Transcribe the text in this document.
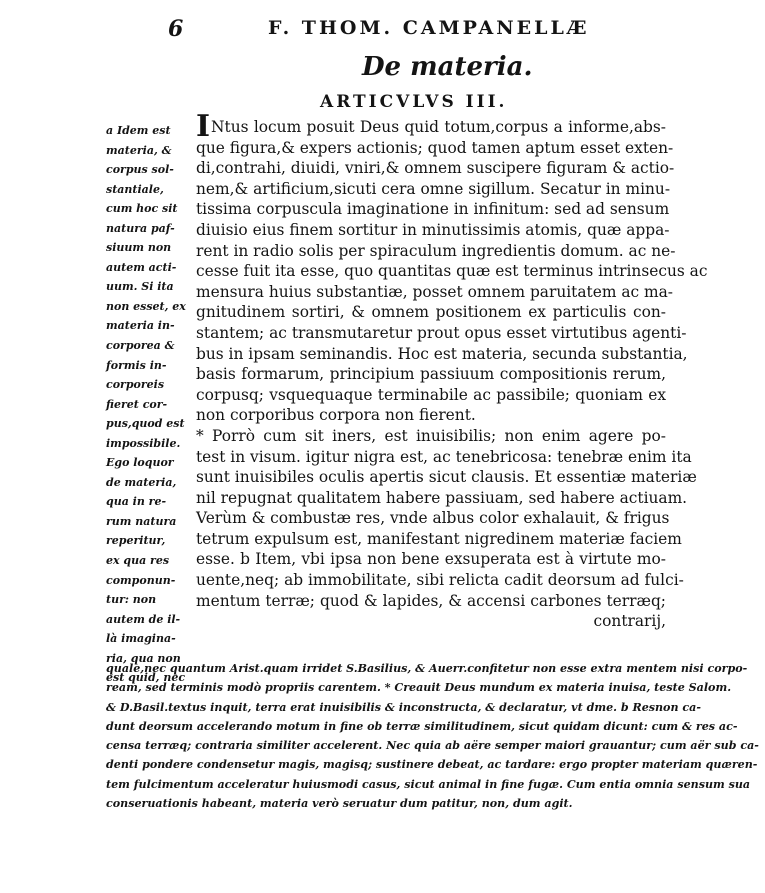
6	F. THOM. CAMPANELLÆ
De materia.
ARTICVLVS III.
a Idem est
materia, &
corpus sol-
stantiale,
cum hoc sit
natura paf-
siuum non
autem acti-
uum. Si ita
non esset, ex
materia in-
corporea &
formis in-
corporeis
fieret cor-
pus,quod est
impossibile.
Ego loquor
de materia,
qua in re-
rum natura
reperitur,
ex qua res
componun-
tur: non
autem de il-
là imagina-
ria, qua non
est quid, nec
INtus locum posuit Deus quid totum,corpus a informe,abs-
que figura,& expers actionis; quod tamen aptum esset exten-
di,contrahi, diuidi, vniri,& omnem suscipere figuram & actio-
nem,& artificium,sicuti cera omne sigillum. Secatur in minu-
tissima corpuscula imaginatione in infinitum: sed ad sensum
diuisio eius finem sortitur in minutissimis atomis, quæ appa-
rent in radio solis per spiraculum ingredientis domum. ac ne-
cesse fuit ita esse, quo quantitas quæ est terminus intrinsecus ac
mensura huius substantiæ, posset omnem paruitatem ac ma-
gnitudinem sortiri, & omnem positionem ex particulis con-
stantem; ac transmutaretur prout opus esset virtutibus agenti-
bus in ipsam seminandis. Hoc est materia, secunda substantia,
basis formarum, principium passiuum compositionis rerum,
corpusq; vsquequaque terminabile ac passibile; quoniam ex
non corporibus corpora non fierent.
* Porrò cum sit iners, est inuisibilis; non enim agere po-
test in visum. igitur nigra est, ac tenebricosa: tenebræ enim ita
sunt inuisibiles oculis apertis sicut clausis. Et essentiæ materiæ
nil repugnat qualitatem habere passiuam, sed habere actiuam.
Verùm & combustæ res, vnde albus color exhalauit, & frigus
tetrum expulsum est, manifestant nigredinem materiæ faciem
esse. b Item, vbi ipsa non bene exsuperata est à virtute mo-
uente,neq; ab immobilitate, sibi relicta cadit deorsum ad fulci-
mentum terræ; quod & lapides, & accensi carbones terræq;
contrarij,
quale,nec quantum Arist.quam irridet S.Basilius, & Auerr.confitetur non esse extra mentem nisi corpo-
ream, sed terminis modò propriis carentem. * Creauit Deus mundum ex materia inuisa, teste Salom.
& D.Basil.textus inquit, terra erat inuisibilis & inconstructa, & declaratur, vt dme. b Resnon ca-
dunt deorsum accelerando motum in fine ob terræ similitudinem, sicut quidam dicunt: cum & res ac-
censa terræq; contraria similiter accelerent. Nec quia ab aëre semper maiori grauantur; cum aër sub ca-
denti pondere condensetur magis, magisq; sustinere debeat, ac tardare: ergo propter materiam quæren-
tem fulcimentum acceleratur huiusmodi casus, sicut animal in fine fugæ. Cum entia omnia sensum sua
conseruationis habeant, materia verò seruatur dum patitur, non, dum agit.
